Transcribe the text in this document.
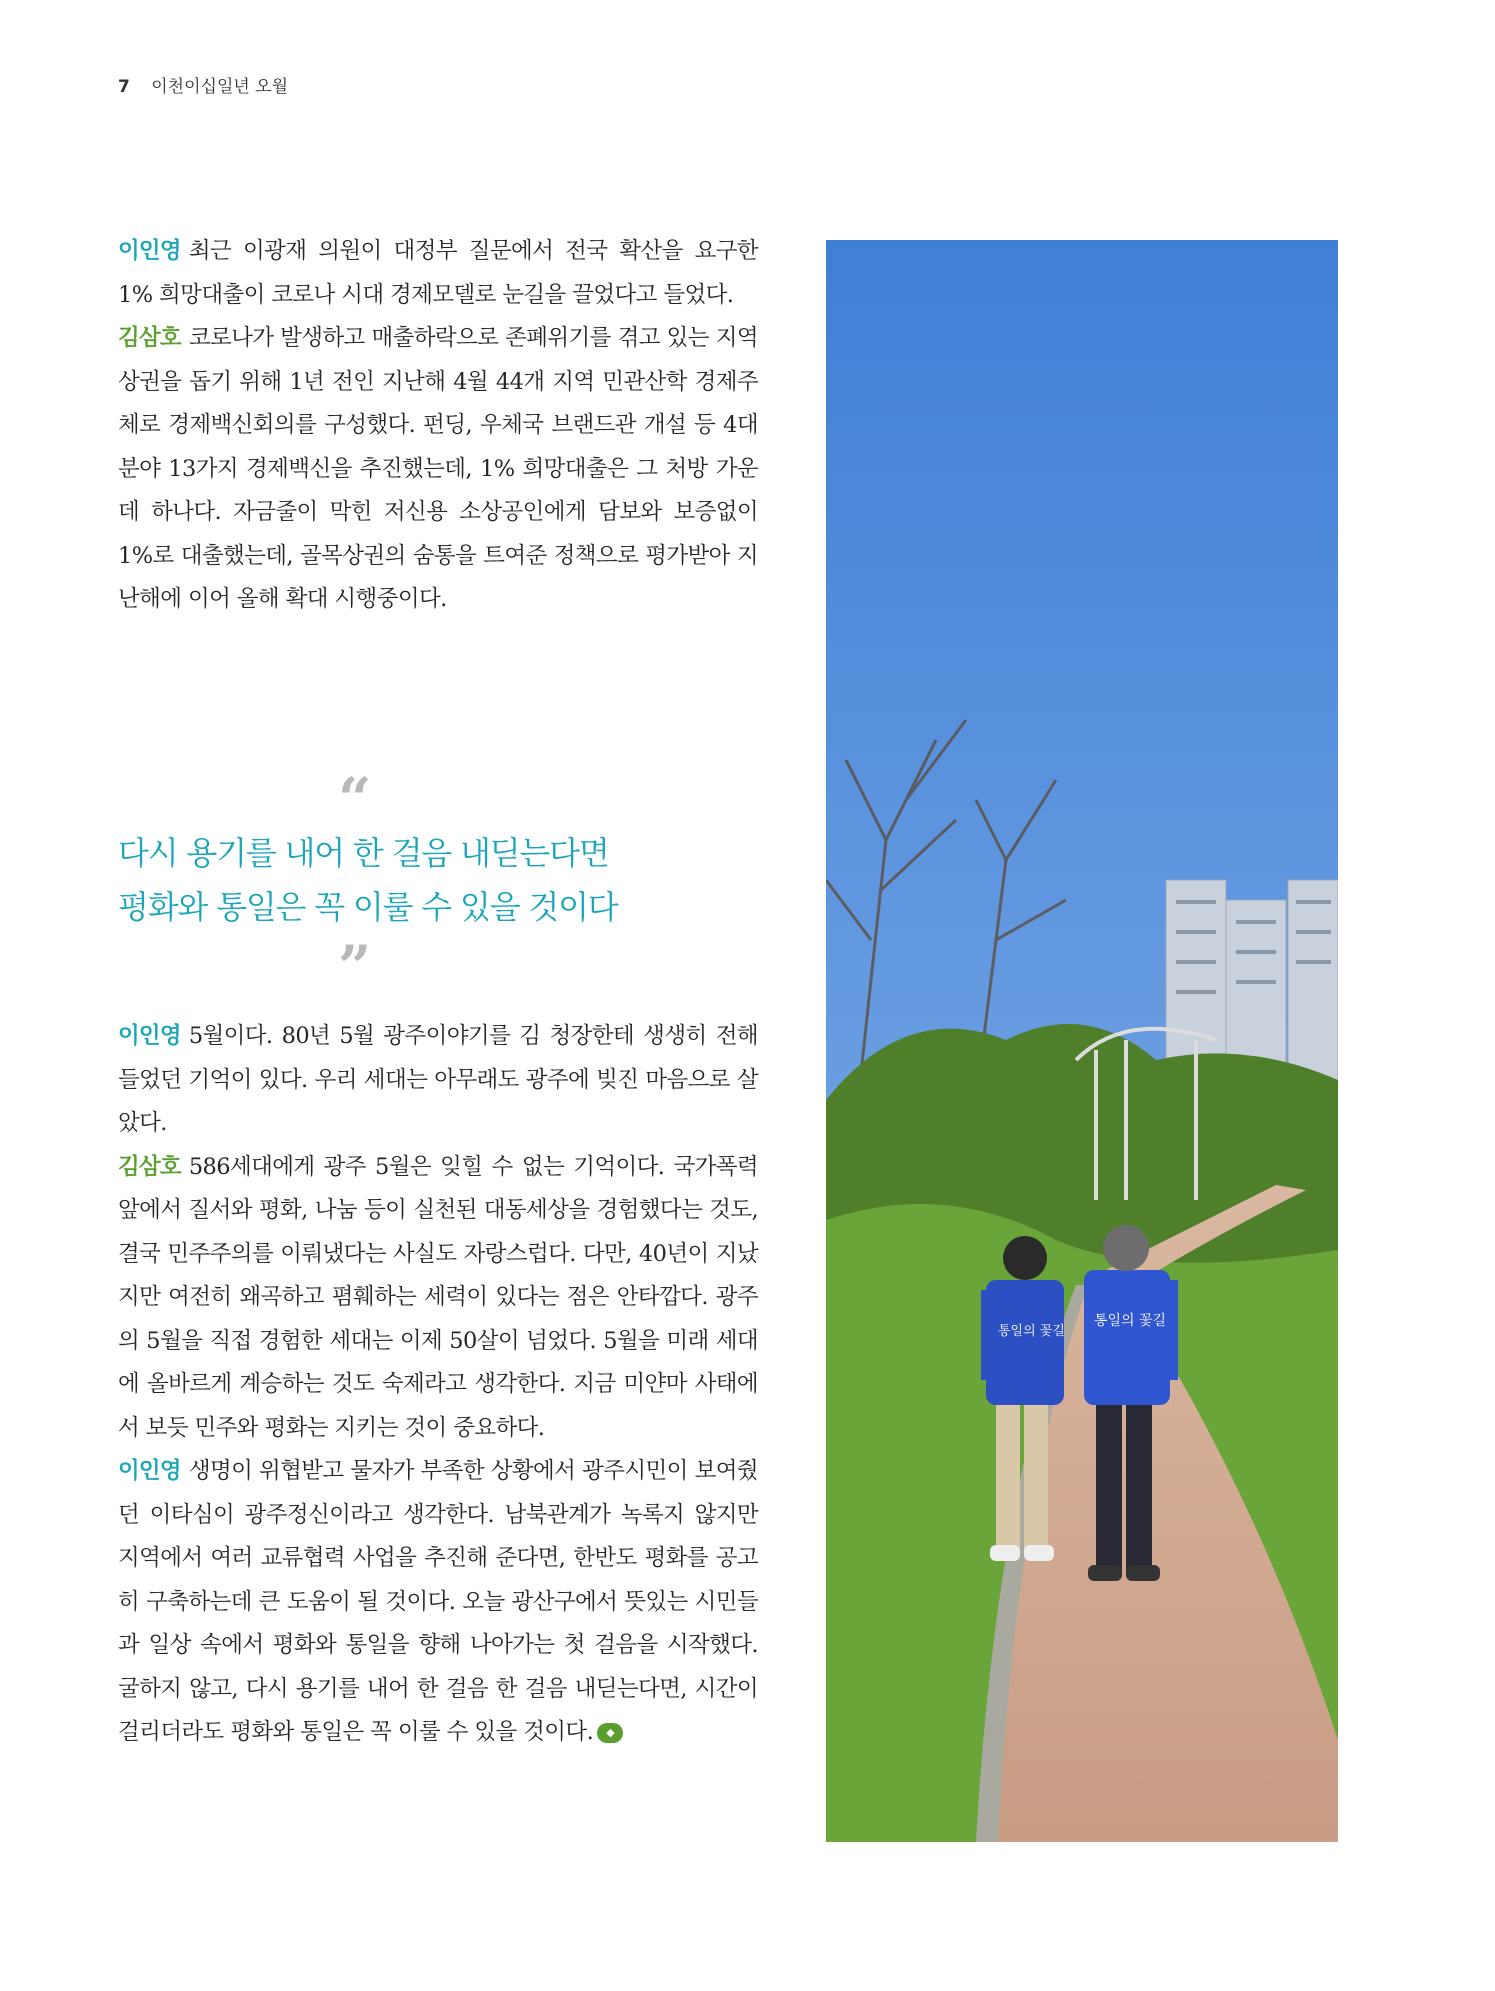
7 이천이십일년 오월

이인영 최근 이광재 의원이 대정부 질문에서 전국 확산을 요구한 1% 희망대출이 코로나 시대 경제모델로 눈길을 끌었다고 들었다.

김삼호 코로나가 발생하고 매출하락으로 존폐위기를 겪고 있는 지역상권을 돕기 위해 1년 전인 지난해 4월 44개 지역 민관산학 경제주체로 경제백신회의를 구성했다. 펀딩, 우체국 브랜드관 개설 등 4대 분야 13가지 경제백신을 추진했는데, 1% 희망대출은 그 처방 가운데 하나다. 자금줄이 막힌 저신용 소상공인에게 담보와 보증없이 1%로 대출했는데, 골목상권의 숨통을 트여준 정책으로 평가받아 지난해에 이어 올해 확대 시행중이다.

“

다시 용기를 내어 한 걸음 내딛는다면

평화와 통일은 꼭 이룰 수 있을 것이다

”

이인영 5월이다. 80년 5월 광주이야기를 김 청장한테 생생히 전해 들었던 기억이 있다. 우리 세대는 아무래도 광주에 빚진 마음으로 살았다.

김삼호 586세대에게 광주 5월은 잊힐 수 없는 기억이다. 국가폭력 앞에서 질서와 평화, 나눔 등이 실천된 대동세상을 경험했다는 것도, 결국 민주주의를 이뤄냈다는 사실도 자랑스럽다. 다만, 40년이 지났지만 여전히 왜곡하고 폄훼하는 세력이 있다는 점은 안타깝다. 광주의 5월을 직접 경험한 세대는 이제 50살이 넘었다. 5월을 미래 세대에 올바르게 계승하는 것도 숙제라고 생각한다. 지금 미얀마 사태에서 보듯 민주와 평화는 지키는 것이 중요하다.

이인영 생명이 위협받고 물자가 부족한 상황에서 광주시민이 보여줬던 이타심이 광주정신이라고 생각한다. 남북관계가 녹록지 않지만 지역에서 여러 교류협력 사업을 추진해 준다면, 한반도 평화를 공고히 구축하는데 큰 도움이 될 것이다. 오늘 광산구에서 뜻있는 시민들과 일상 속에서 평화와 통일을 향해 나아가는 첫 걸음을 시작했다. 굴하지 않고, 다시 용기를 내어 한 걸음 한 걸음 내딛는다면, 시간이 걸리더라도 평화와 통일은 꼭 이룰 수 있을 것이다. ◆

통일의 꽃길
통일의 꽃길
